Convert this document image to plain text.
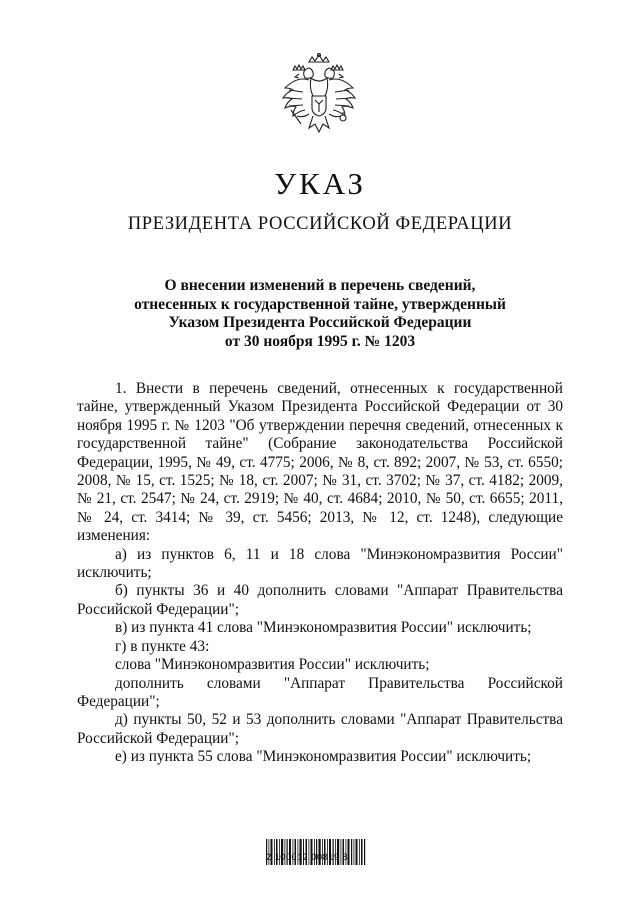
УКАЗ
ПРЕЗИДЕНТА РОССИЙСКОЙ ФЕДЕРАЦИИ
О внесении изменений в перечень сведений,
отнесенных к государственной тайне, утвержденный
Указом Президента Российской Федерации
от 30 ноября 1995 г. № 1203

1. Внести в перечень сведений, отнесенных к государственной тайне, утвержденный Указом Президента Российской Федерации от 30 ноября 1995 г. № 1203 "Об утверждении перечня сведений, отнесенных к государственной тайне" (Собрание законодательства Российской Федерации, 1995, № 49, ст. 4775; 2006, № 8, ст. 892; 2007, № 53, ст. 6550; 2008, № 15, ст. 1525; № 18, ст. 2007; № 31, ст. 3702; № 37, ст. 4182; 2009, № 21, ст. 2547; № 24, ст. 2919; № 40, ст. 4684; 2010, № 50, ст. 6655; 2011, № 24, ст. 3414; № 39, ст. 5456; 2013, № 12, ст. 1248), следующие изменения:

а) из пунктов 6, 11 и 18 слова "Минэкономразвития России" исключить;

б) пункты 36 и 40 дополнить словами "Аппарат Правительства Российской Федерации";

в) из пункта 41 слова "Минэкономразвития России" исключить;

г) в пункте 43:

слова "Минэкономразвития России" исключить;

дополнить словами "Аппарат Правительства Российской Федерации";

д) пункты 50, 52 и 53 дополнить словами "Аппарат Правительства Российской Федерации";

е) из пункта 55 слова "Минэкономразвития России" исключить;

2 100012 00819 8
